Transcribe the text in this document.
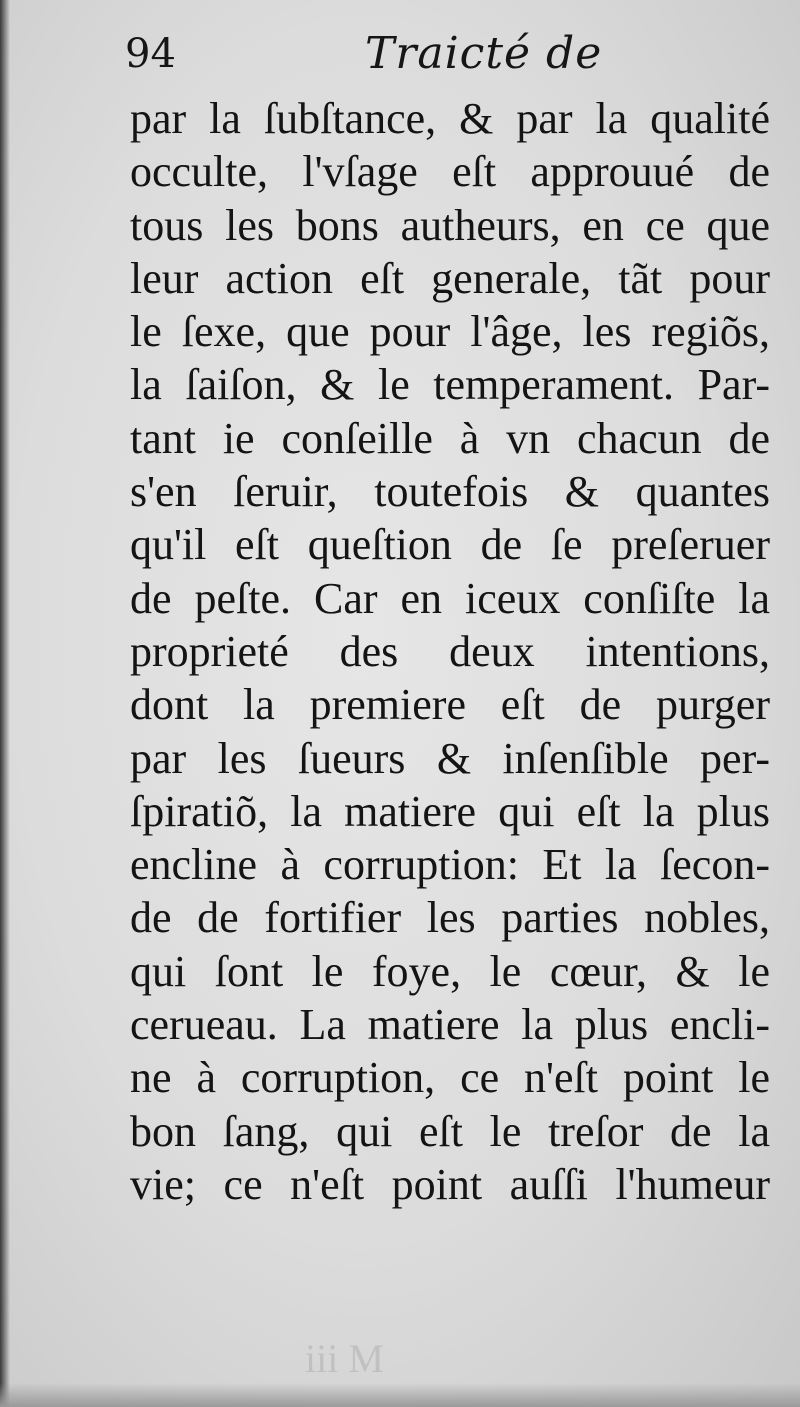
94	Traicté de
par la ſubſtance, & par la qualité
occulte, l'vſage eſt approuué de
tous les bons autheurs, en ce que
leur action eſt generale, tãt pour
le ſexe, que pour l'âge, les regiõs,
la ſaiſon, & le temperament. Par-
tant ie conſeille à vn chacun de
s'en ſeruir, toutefois & quantes
qu'il eſt queſtion de ſe preſeruer
de peſte. Car en iceux conſiſte la
proprieté des deux intentions,
dont la premiere eſt de purger
par les ſueurs & inſenſible per-
ſpiratiõ, la matiere qui eſt la plus
encline à corruption: Et la ſecon-
de de fortifier les parties nobles,
qui ſont le foye, le cœur, & le
cerueau. La matiere la plus encli-
ne à corruption, ce n'eſt point le
bon ſang, qui eſt le treſor de la
vie; ce n'eſt point auſſi l'humeur
iii M
